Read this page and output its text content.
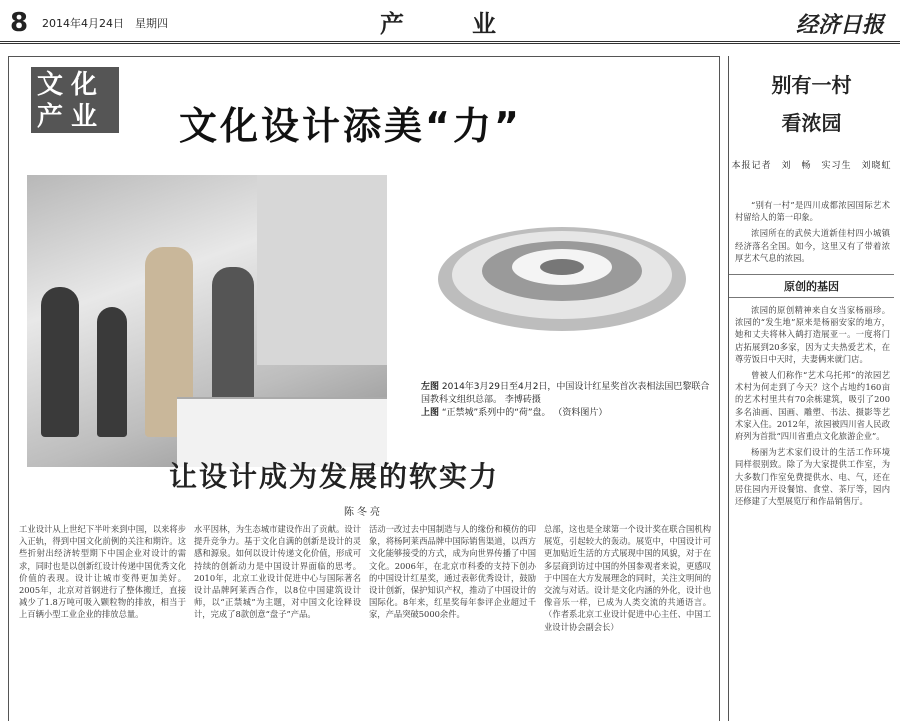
8 2014年4月24日　星期四	产　业	经济日报
文化
产业 文化设计添美“力”
左图 2014年3月29日至4月2日，中国设计红星奖首次表相法国巴黎联合国教科文组织总部。 李博砖摄
上图 “正禁城”系列中的“荷”盘。 （资料图片）
让设计成为发展的软实力
陈冬亮
工业设计从上世纪下半叶来到中国，以来将步入正轨，得到中国文化前例的关注和期许。这些折射出经济转型期下中国企业对设计的需求，同时也是以创新红设计传递中国优秀文化价值的表现。设计让城市变得更加美好。2005年，北京对首钢进行了整体搬迁，直接减少了1.8万吨可吸入颗粒物的排放，相当于上百辆小型工业企业的排放总量。
水平因林，为生态城市建设作出了贡献。设计提升竞争力。基于文化自满的创新是设计的灵感和源泉。如何以设计传递文化价值，形成可持续的创新动力是中国设计界面临的思考。2010年，北京工业设计促进中心与国际著名设计品牌阿莱西合作，以8位中国建筑设计师，以“正禁城”为主题，对中国文化诠释设计，完成了8款创意“盘子”产品。
活动一改过去中国制造与人的缘份和模仿的印象，将杨阿莱西品牌中国际销售渠道，以西方文化能够接受的方式，成为向世界传播了中国文化。2006年，在北京市科委的支持下创办的中国设计红星奖，通过表彰优秀设计，鼓励设计创新，保护知识产权，推动了中国设计的国际化。8年来，红星奖每年参评企业超过千家，产品突破5000余件。
总部，这也是全球第一个设计奖在联合国机构展览，引起较大的轰动。展览中，中国设计可更加贴近生活的方式展现中国的风貌，对于在多层商到访过中国的外国参观者来说，更感叹于中国在大方发展理念的同时，关注文明间的交流与对话。设计是文化内涵的外化，设计也像音乐一样，已成为人类交流的共通语言。（作者系北京工业设计促进中心主任、中国工业设计协会副会长）
别有一村
看浓园
本报记者　刘　畅　实习生　刘晓虹

“别有一村”是四川成都浓园国际艺术村留给人的第一印象。

浓园所在的武侯大道新佳村四小城镇经济落名全国。如今，这里又有了带着浓厚艺术气息的浓园。

原创的基因

浓园的原创精神来自女当家杨丽珍。浓园的“发生地”原来是杨丽安家的地方，她和丈夫将林入鹤打造展亚一。一度将门店拓展到20多家，因为丈夫热爱艺术，在尊劳饭日中天时，夫妻俩来就门店。

曾被人们称作“艺术乌托邦”的浓园艺术村为何走到了今天？这个占地约160亩的艺术村里共有70余栋建筑，吸引了200多名油画、国画、雕塑、书法、摄影等艺术家入住。2012年，浓园被四川省人民政府列为首批“四川省重点文化旅游企业”。

杨丽为艺术家们设计的生活工作环境同样很别致。除了为大家提供工作室，为大多数门作室免费提供水、电、气，还在居住园内开设餐馆、食堂、茶厅等，园内还修建了大型展览厅和作品销售厅。
